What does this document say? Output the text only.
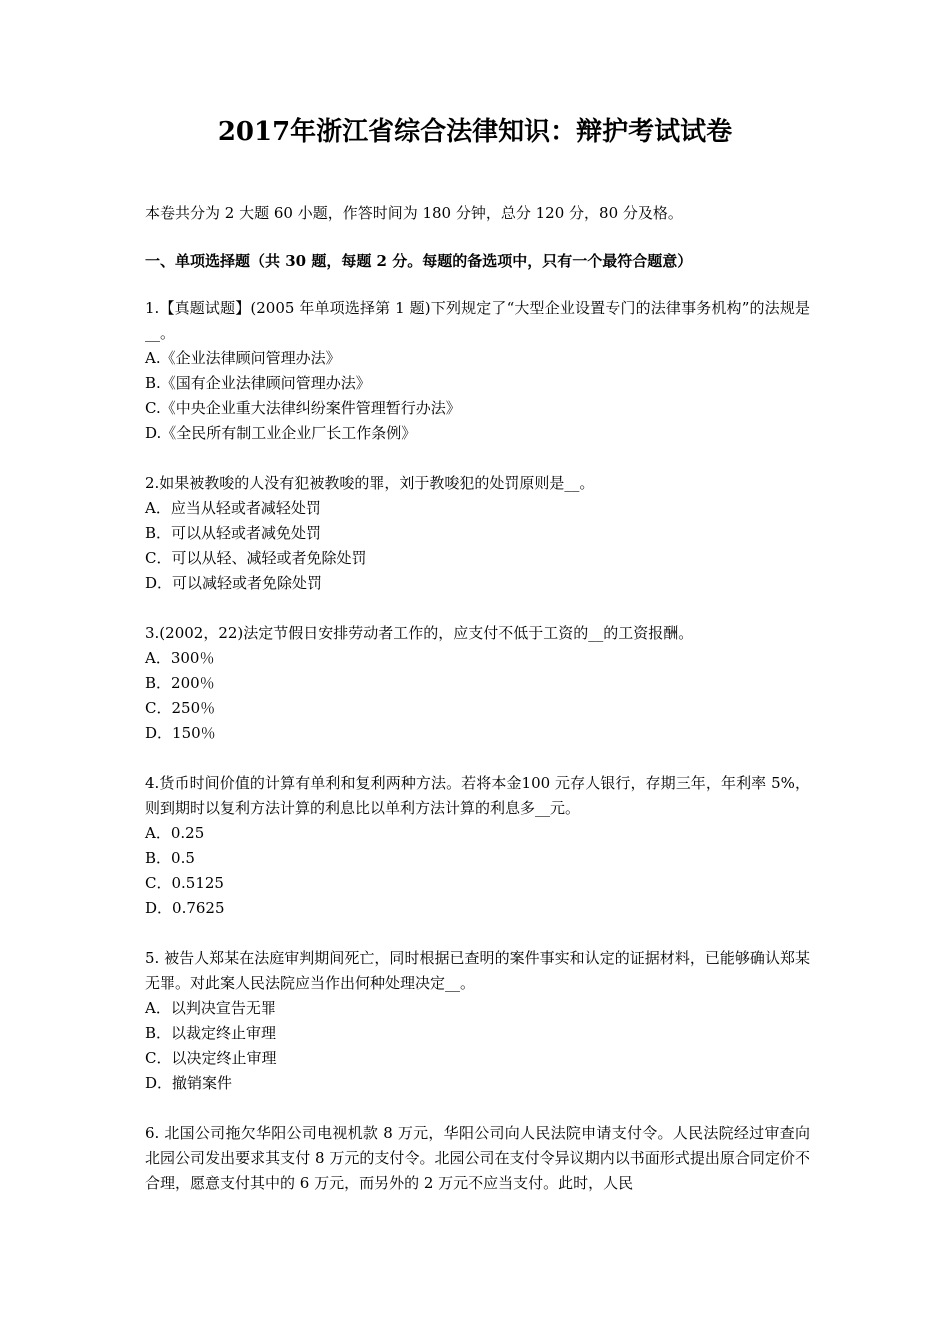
2017年浙江省综合法律知识：辩护考试试卷
本卷共分为 2 大题 60 小题，作答时间为 180 分钟，总分 120 分，80 分及格。
一、单项选择题（共 30 题，每题 2 分。每题的备选项中，只有一个最符合题意）
1.【真题试题】(2005 年单项选择第 1 题)下列规定了“大型企业设置专门的法律事务机构”的法规是__。
A.《企业法律顾问管理办法》
B.《国有企业法律顾问管理办法》
C.《中央企业重大法律纠纷案件管理暂行办法》
D.《全民所有制工业企业厂长工作条例》
2.如果被教唆的人没有犯被教唆的罪，刘于教唆犯的处罚原则是__。
A．应当从轻或者减轻处罚
B．可以从轻或者减免处罚
C．可以从轻、减轻或者免除处罚
D．可以减轻或者免除处罚
3.(2002，22)法定节假日安排劳动者工作的，应支付不低于工资的__的工资报酬。
A．300％
B．200％
C．250％
D．150％
4.货币时间价值的计算有单利和复利两种方法。若将本金100 元存人银行，存期三年，年利率 5%，则到期时以复利方法计算的利息比以单利方法计算的利息多__元。
A．0.25
B．0.5
C．0.5125
D．0.7625
5. 被告人郑某在法庭审判期间死亡，同时根据已查明的案件事实和认定的证据材料，已能够确认郑某无罪。对此案人民法院应当作出何种处理决定__。
A．以判决宣告无罪
B．以裁定终止审理
C．以决定终止审理
D．撤销案件
6. 北国公司拖欠华阳公司电视机款 8 万元，华阳公司向人民法院申请支付令。人民法院经过审查向北园公司发出要求其支付 8 万元的支付令。北园公司在支付令异议期内以书面形式提出原合同定价不合理，愿意支付其中的 6 万元，而另外的 2 万元不应当支付。此时，人民
